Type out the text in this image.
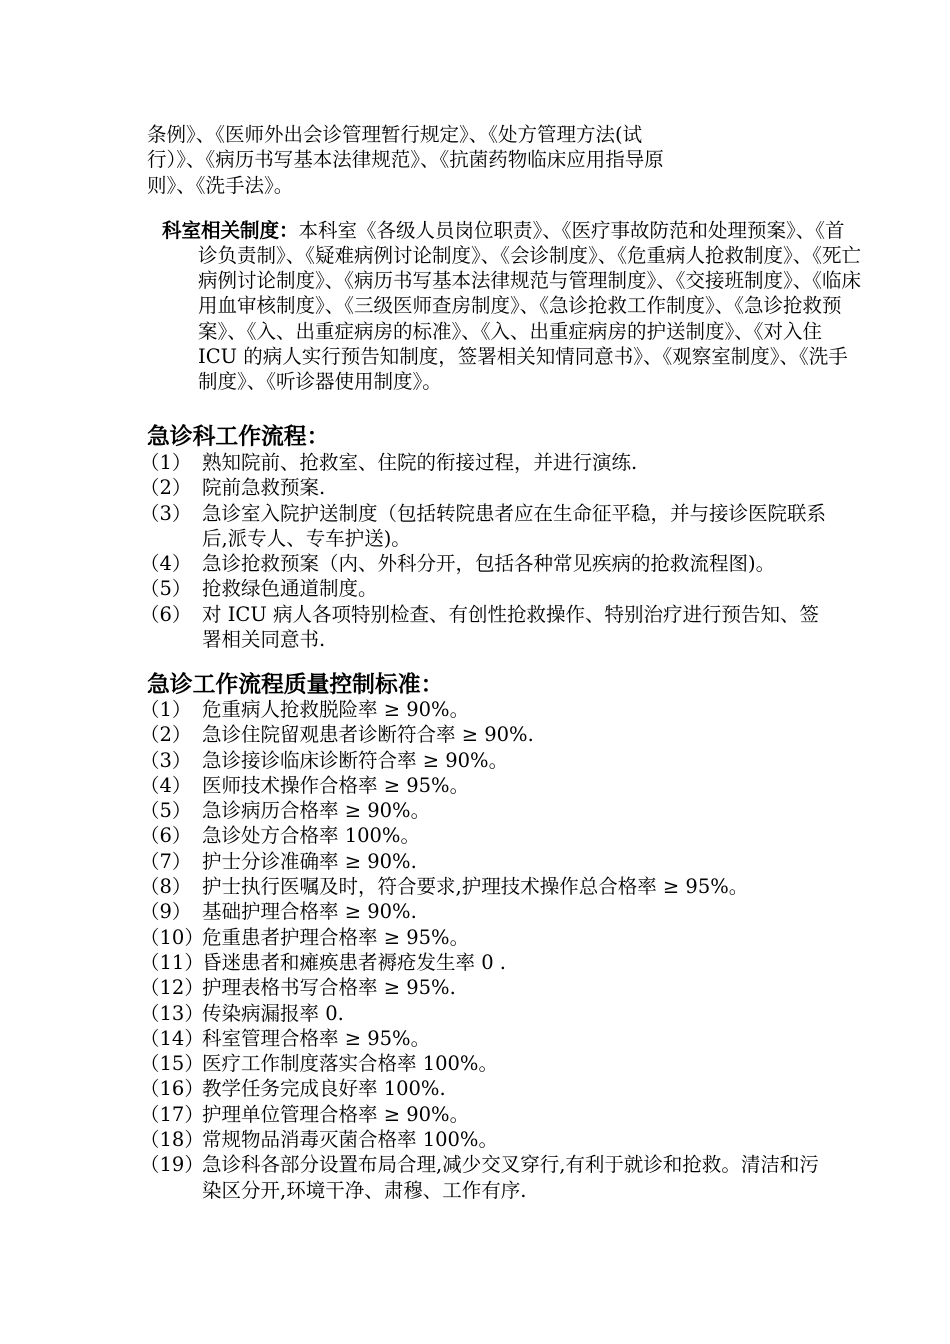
条例》、《医师外出会诊管理暂行规定》、《处方管理方法(试

行）》、《病历书写基本法律规范》、《抗菌药物临床应用指导原

则》、《洗手法》。

科室相关制度：本科室《各级人员岗位职责》、《医疗事故防范和处理预案》、《首诊负责制》、《疑难病例讨论制度》、《会诊制度》、《危重病人抢救制度》、《死亡病例讨论制度》、《病历书写基本法律规范与管理制度》、《交接班制度》、《临床用血审核制度》、《三级医师查房制度》、《急诊抢救工作制度》、《急诊抢救预案》、《入、出重症病房的标准》、《入、出重症病房的护送制度》、《对入住 ICU 的病人实行预告知制度，签署相关知情同意书》、《观察室制度》、《洗手制度》、《听诊器使用制度》。

急诊科工作流程：
（1） 熟知院前、抢救室、住院的衔接过程，并进行演练.
（2） 院前急救预案.
（3） 急诊室入院护送制度（包括转院患者应在生命征平稳，并与接诊医院联系后,派专人、专车护送)。
（4） 急诊抢救预案（内、外科分开，包括各种常见疾病的抢救流程图)。
（5） 抢救绿色通道制度。
（6） 对 ICU 病人各项特别检查、有创性抢救操作、特别治疗进行预告知、签署相关同意书.
急诊工作流程质量控制标准：
（1） 危重病人抢救脱险率 ≥ 90%。
（2） 急诊住院留观患者诊断符合率 ≥ 90%.
（3） 急诊接诊临床诊断符合率 ≥ 90%。
（4） 医师技术操作合格率 ≥ 95%。
（5） 急诊病历合格率 ≥ 90%。
（6） 急诊处方合格率 100%。
（7） 护士分诊准确率 ≥ 90%.
（8） 护士执行医嘱及时，符合要求,护理技术操作总合格率 ≥ 95%。
（9） 基础护理合格率 ≥ 90%.
（10）
危重患者护理合格率 ≥ 95%。
（11）
昏迷患者和瘫痪患者褥疮发生率 0 .
（12）
护理表格书写合格率 ≥ 95%.
（13）
传染病漏报率 0.
（14）
科室管理合格率 ≥ 95%。
（15）
医疗工作制度落实合格率 100%。
（16）
教学任务完成良好率 100%.
（17）
护理单位管理合格率 ≥ 90%。
（18）
常规物品消毒灭菌合格率 100%。
（19）
急诊科各部分设置布局合理,减少交叉穿行,有利于就诊和抢救。清洁和污染区分开,环境干净、肃穆、工作有序.
